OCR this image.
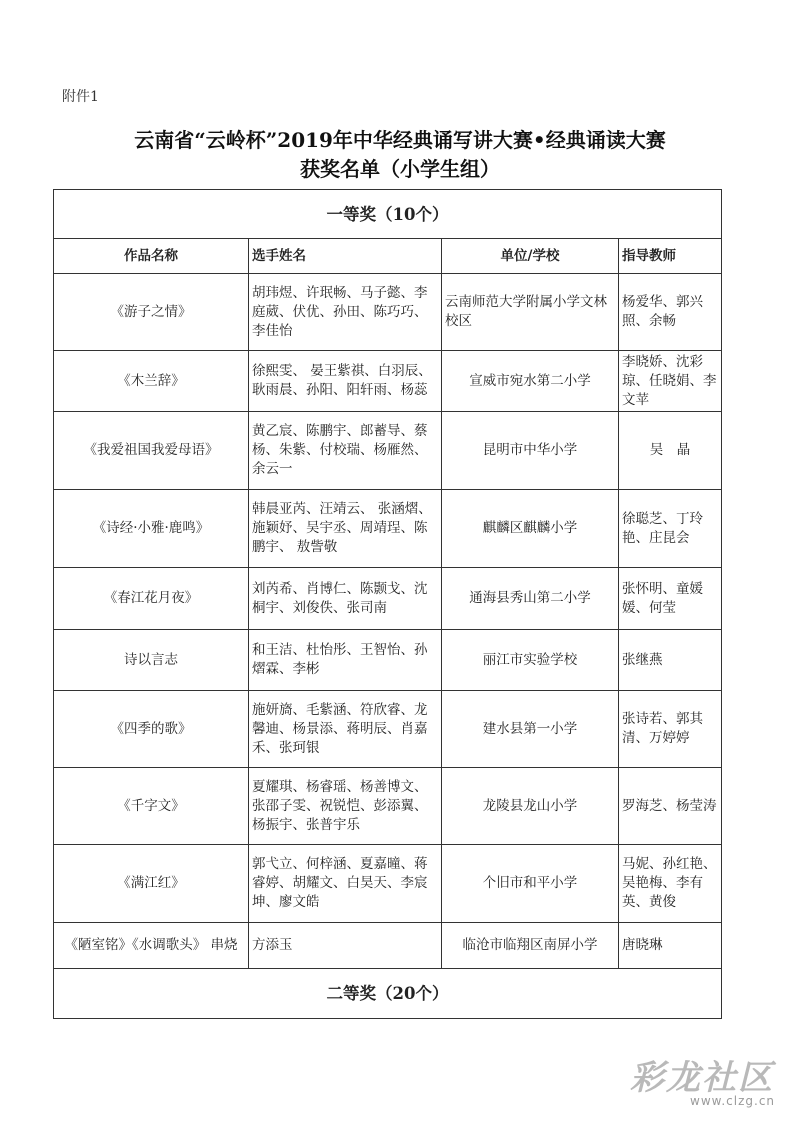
附件1
云南省“云岭杯”2019年中华经典诵写讲大赛•经典诵读大赛
获奖名单（小学生组）
一等奖（10个）			
作品名称	选手姓名	单位/学校	指导教师
《游子之情》	胡玮煜、许珉畅、马子懿、李庭葳、伏优、孙田、陈巧巧、李佳怡	云南师范大学附属小学文林校区	杨爱华、郭兴照、余畅
《木兰辞》	徐熙雯、 晏王紫祺、白羽辰、耿雨晨、孙阳、阳轩雨、杨蕊	宣威市宛水第二小学	李晓娇、沈彩琼、任晓娟、李文苹
《我爱祖国我爱母语》	黄乙宸、陈鹏宇、郎蓄导、蔡杨、朱紫、付校瑞、杨雁然、余云一	昆明市中华小学	吴　晶
《诗经·小雅·鹿鸣》	韩晨亚芮、汪靖云、 张涵熠、施颖妤、吴宇丞、周靖珵、陈鹏宇、 敖訾敬	麒麟区麒麟小学	徐聪芝、丁玲艳、庄昆会
《春江花月夜》	刘芮希、肖博仁、陈颢戈、沈桐宇、刘俊佚、张司南	通海县秀山第二小学	张怀明、童媛媛、何莹
诗以言志	和王洁、杜怡彤、王智怡、孙熠霖、李彬	丽江市实验学校	张继燕
《四季的歌》	施妍旖、毛紫涵、符欣睿、龙馨迪、杨景添、蒋明辰、肖嘉禾、张珂银	建水县第一小学	张诗若、郭其清、万婷婷
《千字文》	夏耀琪、杨睿瑶、杨善博文、张邵子雯、祝锐恺、彭添翼、杨振宇、张普宇乐	龙陵县龙山小学	罗海芝、杨莹涛
《满江红》	郭弋立、何梓涵、夏嘉曈、蒋睿婷、胡耀文、白昊天、李宸坤、廖文皓	个旧市和平小学	马妮、孙红艳、吴艳梅、李有英、黄俊
《陋室铭》《水调歌头》 串烧	方添玉	临沧市临翔区南屏小学	唐晓琳
二等奖（20个）			
彩龙社区
www.clzg.cn
